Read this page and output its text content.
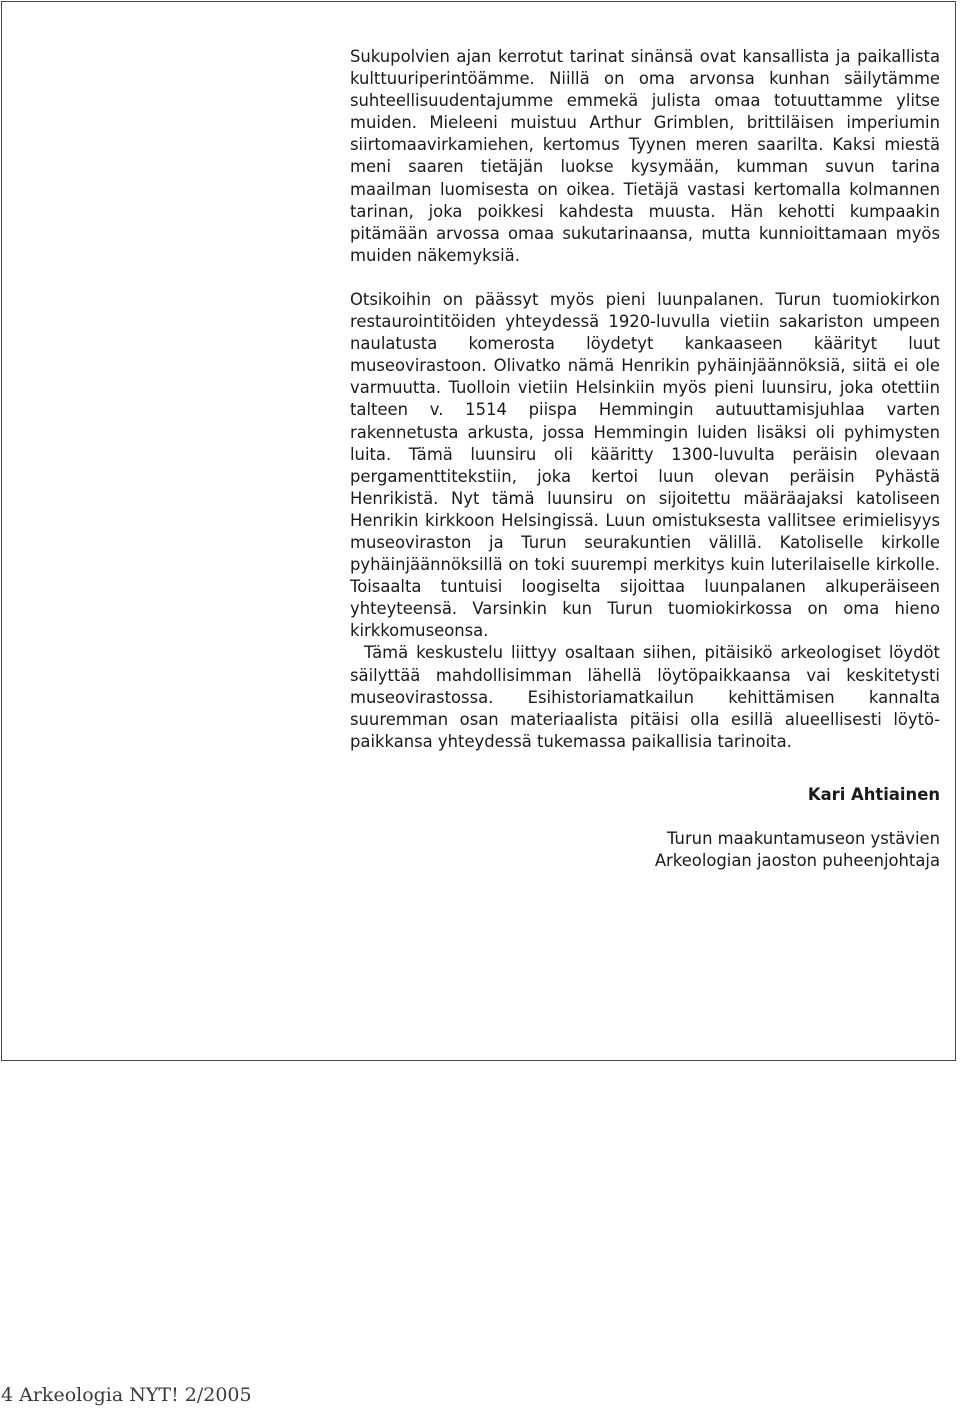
Sukupolvien ajan kerrotut tarinat sinänsä ovat kansallista ja paikallista kulttuuriperintöämme. Niillä on oma arvonsa kunhan säilytämme suhteellisuudentajumme emmekä julista omaa totuuttamme ylitse muiden. Mieleeni muistuu Arthur Grimblen, brittiläisen imperiumin siirtomaavirkamiehen, kertomus Tyynen meren saarilta. Kaksi miestä meni saaren tietäjän luokse kysymään, kumman suvun tarina maailman luomisesta on oikea. Tietäjä vastasi kertomalla kolmannen tarinan, joka poikkesi kahdesta muusta. Hän kehotti kumpaakin pitämään arvossa omaa sukutarinaansa, mutta kunnioittamaan myös muiden näkemyksiä.

Otsikoihin on päässyt myös pieni luunpalanen. Turun tuomiokirkon restaurointitöiden yhteydessä 1920-luvulla vietiin sakariston umpeen naulatusta komerosta löydetyt kankaaseen käärityt luut museovirastoon. Olivatko nämä Henrikin pyhäinjäännöksiä, siitä ei ole varmuutta. Tuolloin vietiin Helsinkiin myös pieni luunsiru, joka otettiin talteen v. 1514 piispa Hemmingin autuuttamisjuhlaa varten rakennetusta arkusta, jossa Hemmingin luiden lisäksi oli pyhimysten luita. Tämä luunsiru oli kääritty 1300-luvulta peräisin olevaan pergamenttitekstiin, joka kertoi luun olevan peräisin Pyhästä Henrikistä. Nyt tämä luunsiru on sijoitettu määräajaksi katoliseen Henrikin kirkkoon Helsingissä. Luun omistuksesta vallitsee erimielisyys museoviraston ja Turun seurakuntien välillä. Katoliselle kirkolle pyhäinjäännöksillä on toki suurempi merkitys kuin luterilaiselle kirkolle. Toisaalta tuntuisi loogiselta sijoittaa luunpalanen alkuperäiseen yhteyteensä. Varsinkin kun Turun tuomiokirkossa on oma hieno kirkkomuseonsa.

Tämä keskustelu liittyy osaltaan siihen, pitäisikö arkeologiset löydöt säilyttää mahdollisimman lähellä löytöpaikkaansa vai keskitetysti museovirastossa. Esihistoriamatkailun kehittämisen kannalta suuremman osan materiaalista pitäisi olla esillä alueellisesti löytöpaikkansa yhteydessä tukemassa paikallisia tarinoita.

Kari Ahtiainen
Turun maakuntamuseon ystävien
Arkeologian jaoston puheenjohtaja
4 Arkeologia NYT! 2/2005
